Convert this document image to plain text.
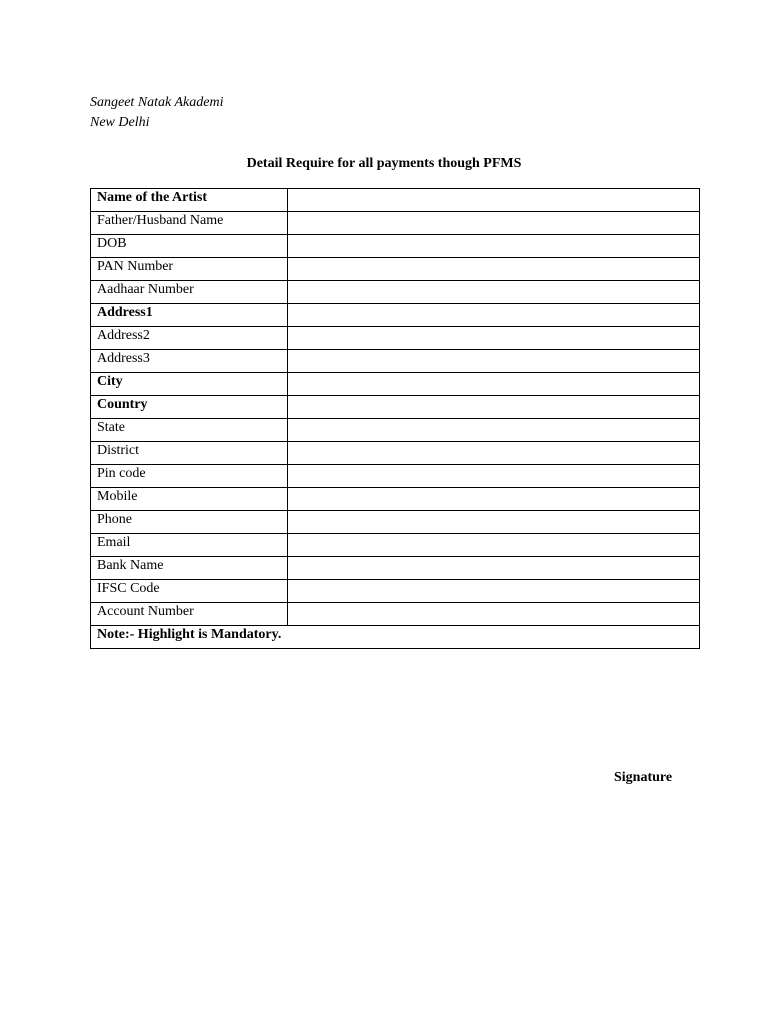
Sangeet Natak Akademi
New Delhi
Detail Require for all payments though PFMS
Name of the Artist	
Father/Husband Name	
DOB	
PAN Number	
Aadhaar Number	
Address1	
Address2	
Address3	
City	
Country	
State	
District	
Pin code	
Mobile	
Phone	
Email	
Bank Name	
IFSC Code	
Account Number	
Note:- Highlight is Mandatory.	
Signature
